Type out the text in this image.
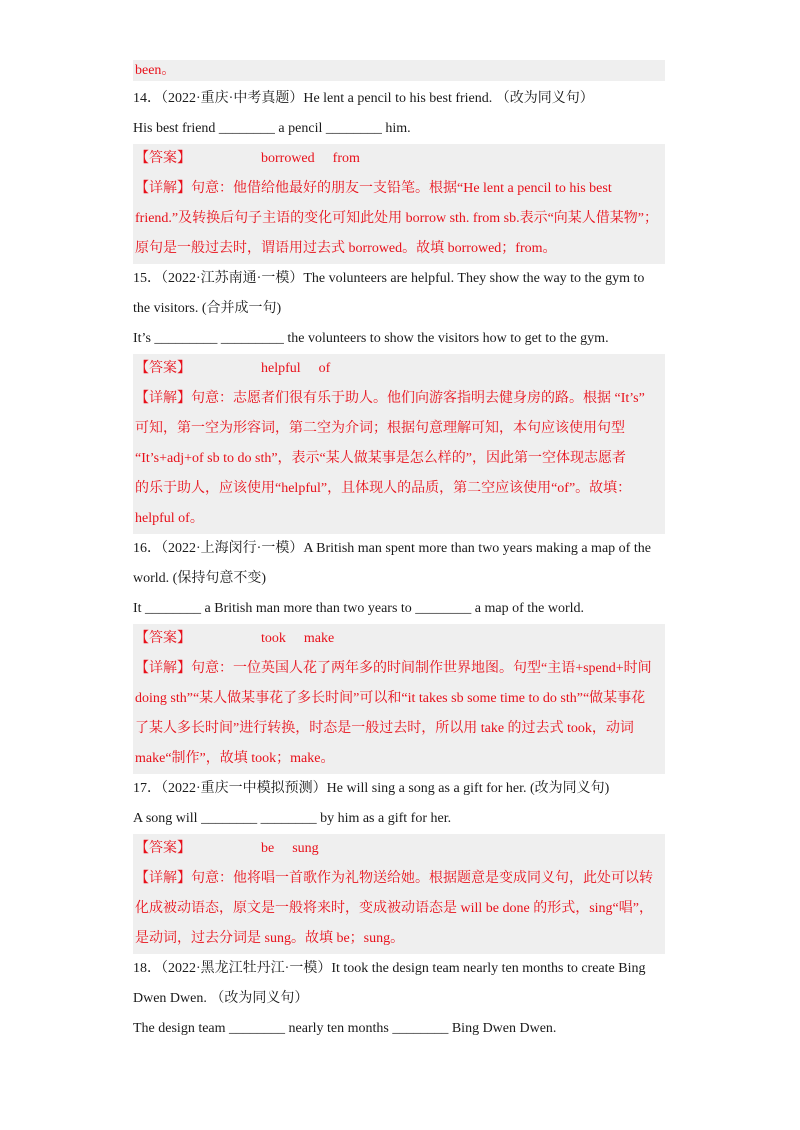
been。
14．（2022·重庆·中考真题）He lent a pencil to his best friend. （改为同义句）
His best friend ________ a pencil ________ him.
【答案】	borrowed from
【详解】句意：他借给他最好的朋友一支铅笔。根据“He lent a pencil to his best
friend.”及转换后句子主语的变化可知此处用 borrow sth. from sb.表示“向某人借某物”；
原句是一般过去时，谓语用过去式 borrowed。故填 borrowed；from。
15．（2022·江苏南通·一模）The volunteers are helpful. They show the way to the gym to
the visitors. (合并成一句)
It’s _________ _________ the volunteers to show the visitors how to get to the gym.
【答案】	helpful of
【详解】句意：志愿者们很有乐于助人。他们向游客指明去健身房的路。根据 “It’s”
可知，第一空为形容词，第二空为介词；根据句意理解可知，本句应该使用句型
“It’s+adj+of sb to do sth”，表示“某人做某事是怎么样的”，因此第一空体现志愿者
的乐于助人，应该使用“helpful”，且体现人的品质，第二空应该使用“of”。故填：
helpful of。
16．（2022·上海闵行·一模）A British man spent more than two years making a map of the
world. (保持句意不变)
It ________ a British man more than two years to ________ a map of the world.
【答案】	took make
【详解】句意：一位英国人花了两年多的时间制作世界地图。句型“主语+spend+时间
doing sth”“某人做某事花了多长时间”可以和“it takes sb some time to do sth”“做某事花
了某人多长时间”进行转换，时态是一般过去时，所以用 take 的过去式 took，动词
make“制作”，故填 took；make。
17．（2022·重庆一中模拟预测）He will sing a song as a gift for her. (改为同义句)
A song will ________ ________ by him as a gift for her.
【答案】	be sung
【详解】句意：他将唱一首歌作为礼物送给她。根据题意是变成同义句，此处可以转
化成被动语态，原文是一般将来时，变成被动语态是 will be done 的形式，sing“唱”，
是动词，过去分词是 sung。故填 be；sung。
18．（2022·黑龙江牡丹江·一模）It took the design team nearly ten months to create Bing
Dwen Dwen. （改为同义句）
The design team ________ nearly ten months ________ Bing Dwen Dwen.
